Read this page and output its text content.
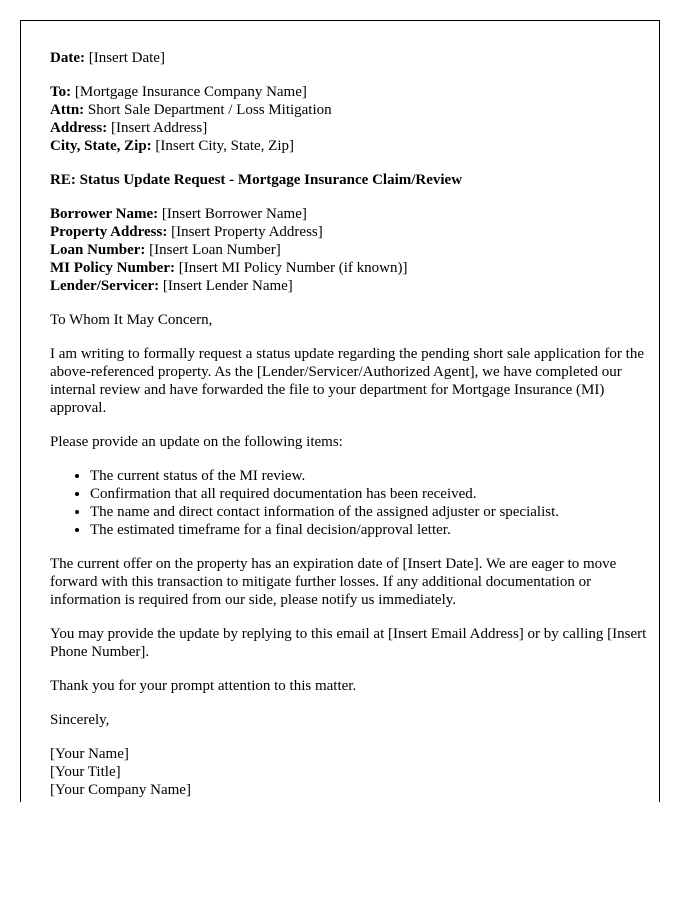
Date: [Insert Date]
To: [Mortgage Insurance Company Name]
Attn: Short Sale Department / Loss Mitigation
Address: [Insert Address]
City, State, Zip: [Insert City, State, Zip]
RE: Status Update Request - Mortgage Insurance Claim/Review
Borrower Name: [Insert Borrower Name]
Property Address: [Insert Property Address]
Loan Number: [Insert Loan Number]
MI Policy Number: [Insert MI Policy Number (if known)]
Lender/Servicer: [Insert Lender Name]

To Whom It May Concern,

I am writing to formally request a status update regarding the pending short sale application for the above-referenced property. As the [Lender/Servicer/Authorized Agent], we have completed our internal review and have forwarded the file to your department for Mortgage Insurance (MI) approval.

Please provide an update on the following items:

• The current status of the MI review.
• Confirmation that all required documentation has been received.
• The name and direct contact information of the assigned adjuster or specialist.
• The estimated timeframe for a final decision/approval letter.

The current offer on the property has an expiration date of [Insert Date]. We are eager to move forward with this transaction to mitigate further losses. If any additional documentation or information is required from our side, please notify us immediately.

You may provide the update by replying to this email at [Insert Email Address] or by calling [Insert Phone Number].

Thank you for your prompt attention to this matter.

Sincerely,

[Your Name]
[Your Title]
[Your Company Name]
